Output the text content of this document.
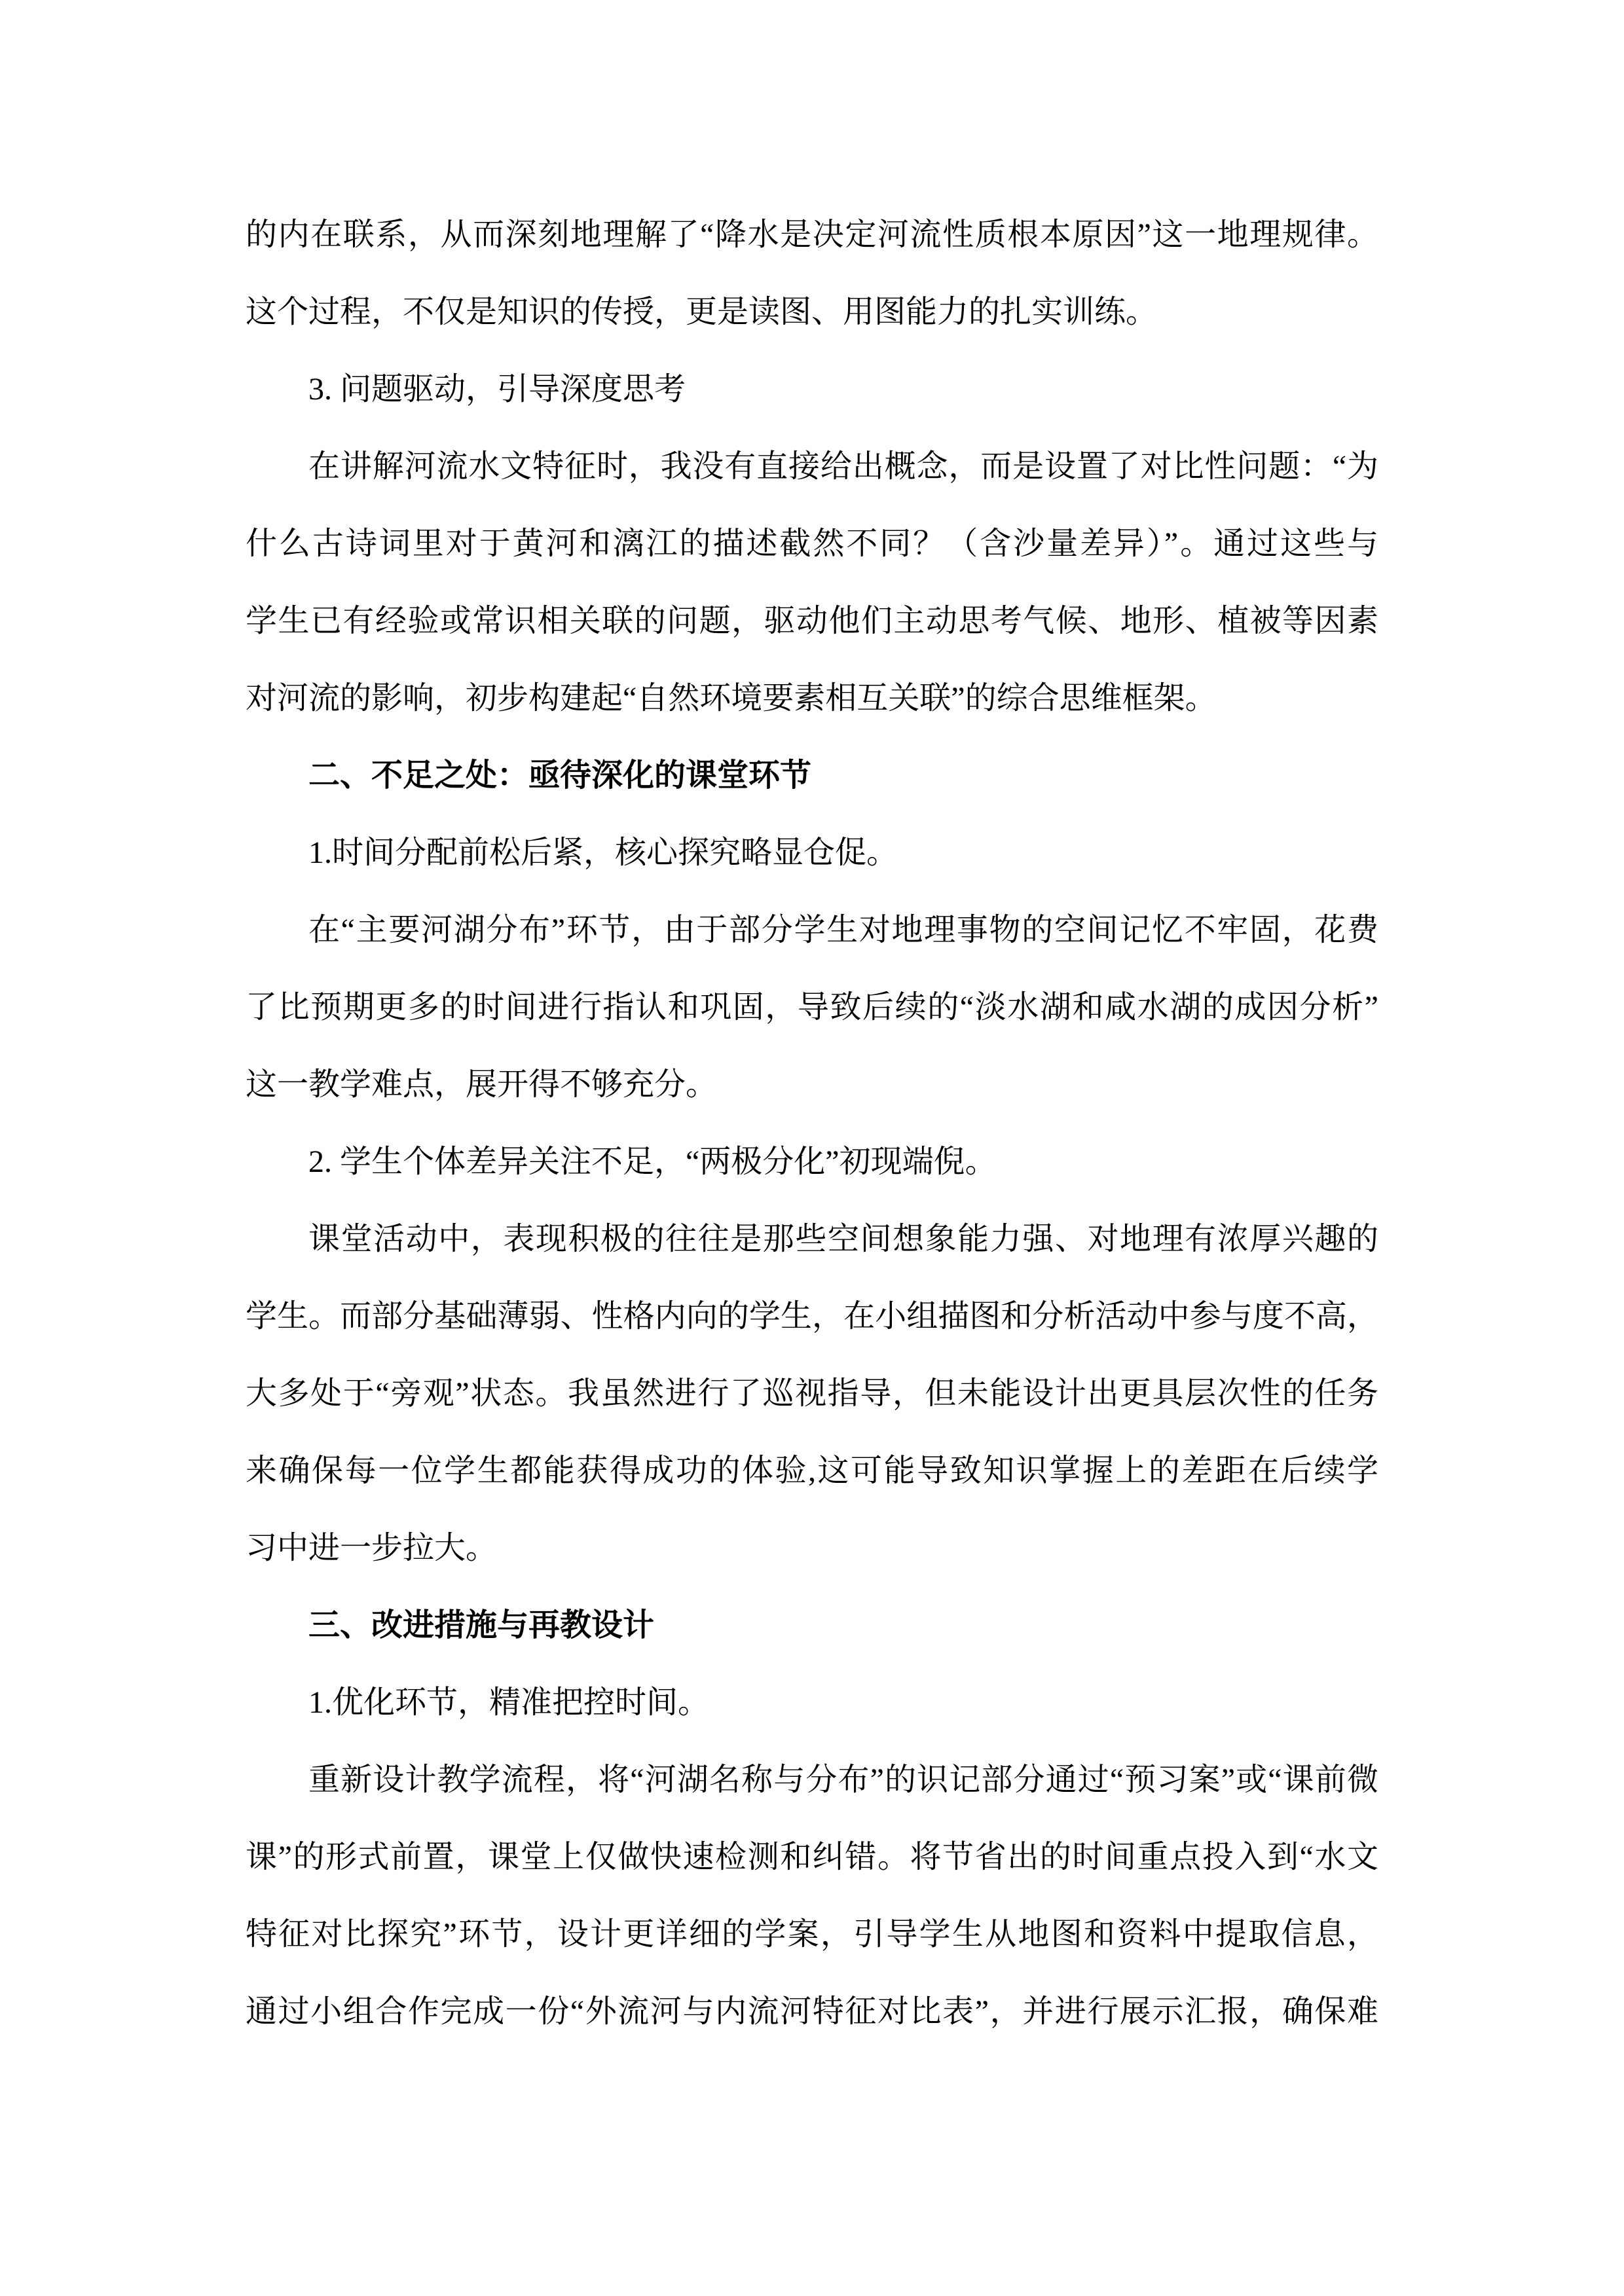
的内在联系，从而深刻地理解了“降水是决定河流性质根本原因”这一地理规律。
这个过程，不仅是知识的传授，更是读图、用图能力的扎实训练。
3. 问题驱动，引导深度思考
在讲解河流水文特征时，我没有直接给出概念，而是设置了对比性问题：“为
什么古诗词里对于黄河和漓江的描述截然不同？（含沙量差异）”。通过这些与
学生已有经验或常识相关联的问题，驱动他们主动思考气候、地形、植被等因素
对河流的影响，初步构建起“自然环境要素相互关联”的综合思维框架。
二、不足之处：亟待深化的课堂环节
1.时间分配前松后紧，核心探究略显仓促。
在“主要河湖分布”环节，由于部分学生对地理事物的空间记忆不牢固，花费
了比预期更多的时间进行指认和巩固，导致后续的“淡水湖和咸水湖的成因分析”
这一教学难点，展开得不够充分。
2. 学生个体差异关注不足，“两极分化”初现端倪。
课堂活动中，表现积极的往往是那些空间想象能力强、对地理有浓厚兴趣的
学生。而部分基础薄弱、性格内向的学生，在小组描图和分析活动中参与度不高，
大多处于“旁观”状态。我虽然进行了巡视指导，但未能设计出更具层次性的任务
来确保每一位学生都能获得成功的体验,这可能导致知识掌握上的差距在后续学
习中进一步拉大。
三、改进措施与再教设计
1.优化环节，精准把控时间。
重新设计教学流程，将“河湖名称与分布”的识记部分通过“预习案”或“课前微
课”的形式前置，课堂上仅做快速检测和纠错。将节省出的时间重点投入到“水文
特征对比探究”环节，设计更详细的学案，引导学生从地图和资料中提取信息，
通过小组合作完成一份“外流河与内流河特征对比表”，并进行展示汇报，确保难
